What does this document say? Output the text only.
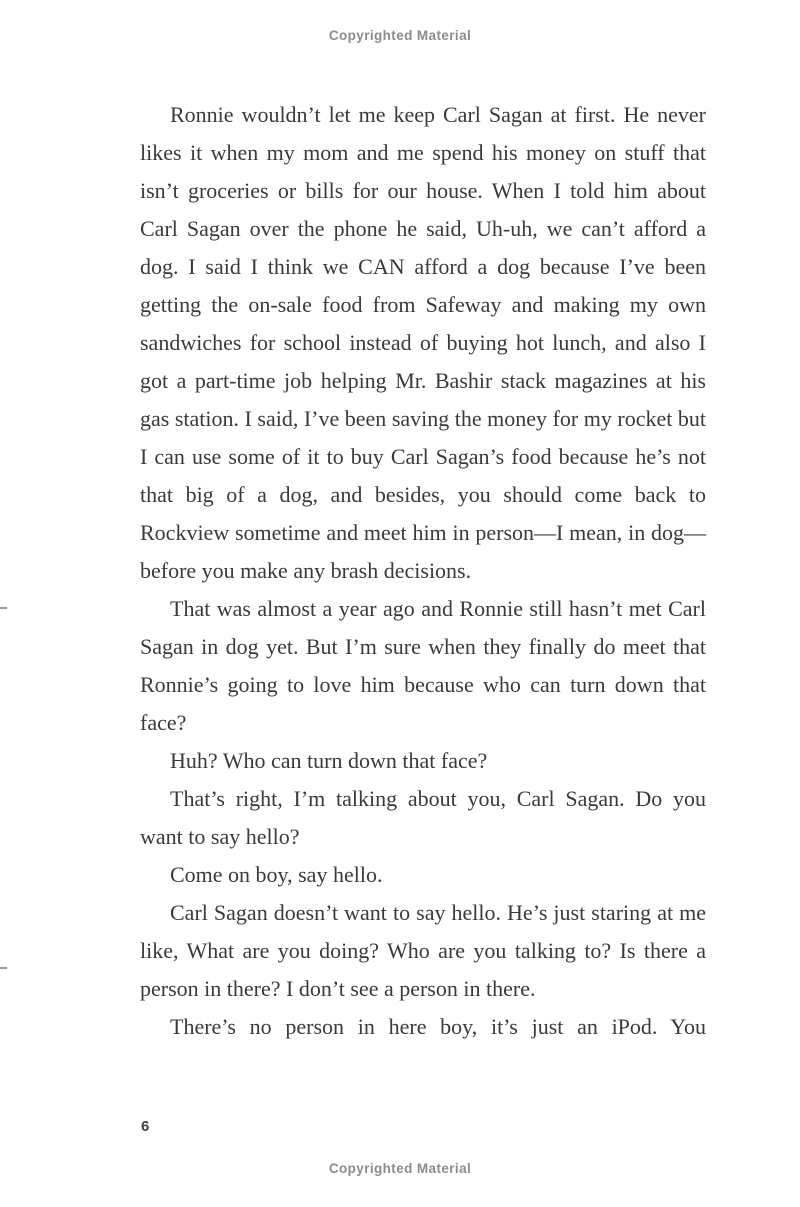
Copyrighted Material

Ronnie wouldn’t let me keep Carl Sagan at first. He never likes it when my mom and me spend his money on stuff that isn’t groceries or bills for our house. When I told him about Carl Sagan over the phone he said, Uh-uh, we can’t afford a dog. I said I think we CAN afford a dog because I’ve been getting the on-sale food from Safeway and making my own sandwiches for school instead of buying hot lunch, and also I got a part-time job helping Mr. Bashir stack magazines at his gas station. I said, I’ve been saving the money for my rocket but I can use some of it to buy Carl Sagan’s food because he’s not that big of a dog, and besides, you should come back to Rockview sometime and meet him in person—I mean, in dog—before you make any brash decisions.

That was almost a year ago and Ronnie still hasn’t met Carl Sagan in dog yet. But I’m sure when they finally do meet that Ronnie’s going to love him because who can turn down that face?

Huh? Who can turn down that face?

That’s right, I’m talking about you, Carl Sagan. Do you want to say hello?

Come on boy, say hello.

Carl Sagan doesn’t want to say hello. He’s just staring at me like, What are you doing? Who are you talking to? Is there a person in there? I don’t see a person in there.

There’s no person in here boy, it’s just an iPod. You

6
Copyrighted Material
